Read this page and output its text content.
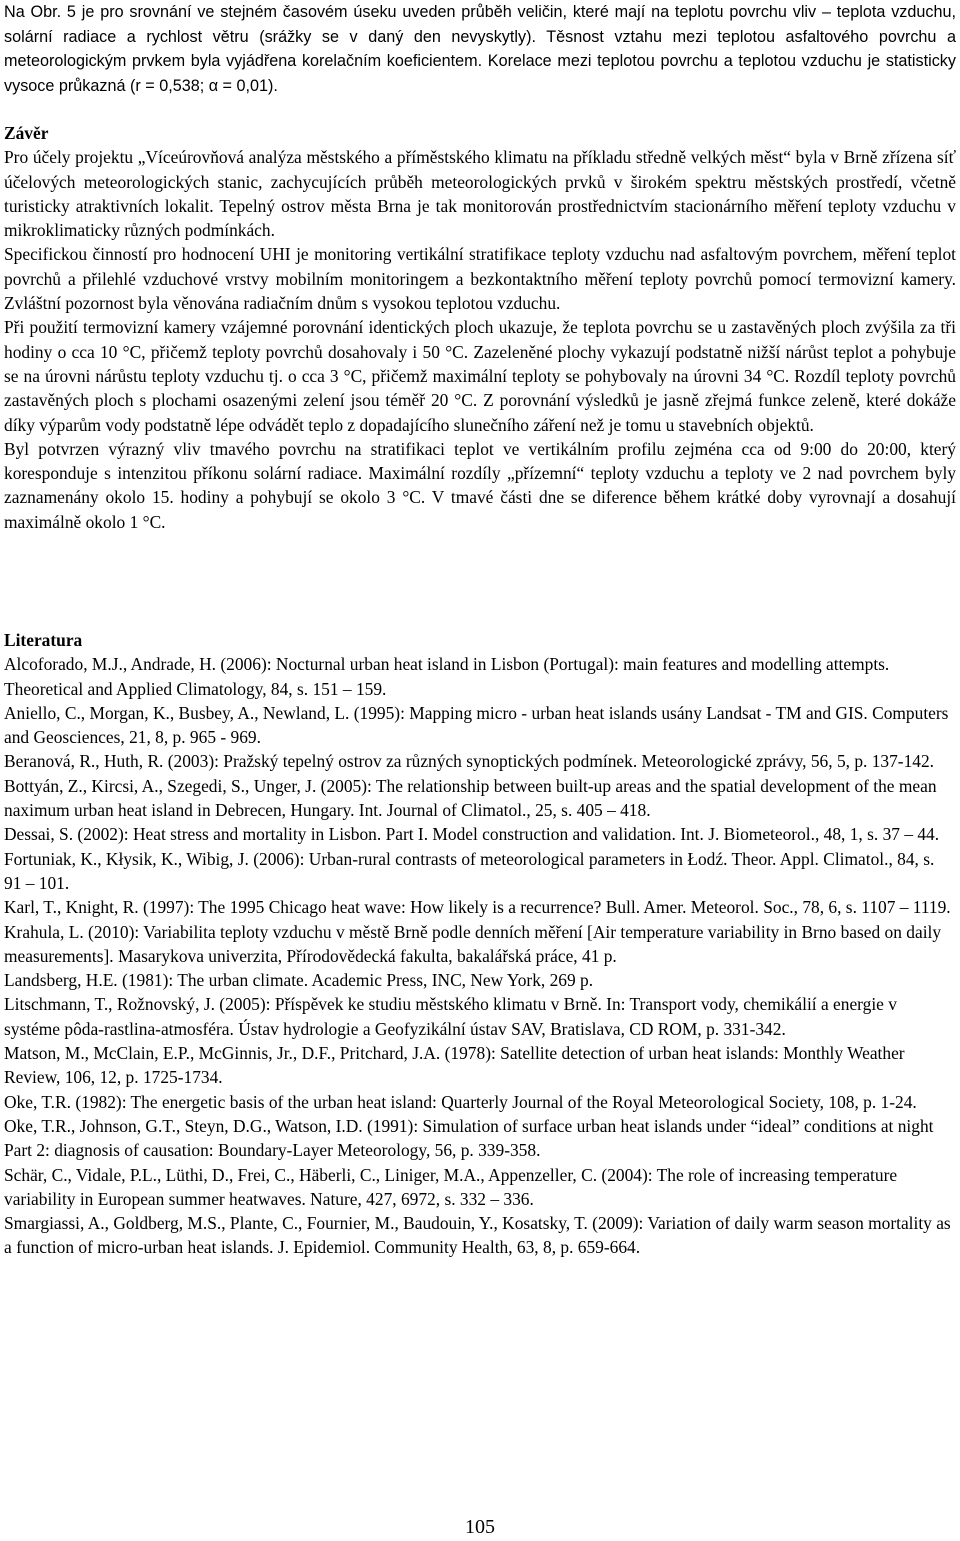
Na Obr. 5 je pro srovnání ve stejném časovém úseku uveden průběh veličin, které mají na teplotu povrchu vliv – teplota vzduchu, solární radiace a rychlost větru (srážky se v daný den nevyskytly). Těsnost vztahu mezi teplotou asfaltového povrchu a meteorologickým prvkem byla vyjádřena korelačním koeficientem. Korelace mezi teplotou povrchu a teplotou vzduchu je statisticky vysoce průkazná (r = 0,538; α = 0,01).

Závěr

Pro účely projektu „Víceúrovňová analýza městského a příměstského klimatu na příkladu středně velkých měst“ byla v Brně zřízena síť účelových meteorologických stanic, zachycujících průběh meteorologických prvků v širokém spektru městských prostředí, včetně turisticky atraktivních lokalit. Tepelný ostrov města Brna je tak monitorován prostřednictvím stacionárního měření teploty vzduchu v mikroklimaticky různých podmínkách.

Specifickou činností pro hodnocení UHI je monitoring vertikální stratifikace teploty vzduchu nad asfaltovým povrchem, měření teplot povrchů a přilehlé vzduchové vrstvy mobilním monitoringem a bezkontaktního měření teploty povrchů pomocí termovizní kamery. Zvláštní pozornost byla věnována radiačním dnům s vysokou teplotou vzduchu.

Při použití termovizní kamery vzájemné porovnání identických ploch ukazuje, že teplota povrchu se u zastavěných ploch zvýšila za tři hodiny o cca 10 °C, přičemž teploty povrchů dosahovaly i 50 °C. Zazeleněné plochy vykazují podstatně nižší nárůst teplot a pohybuje se na úrovni nárůstu teploty vzduchu tj. o cca 3 °C, přičemž maximální teploty se pohybovaly na úrovni 34 °C. Rozdíl teploty povrchů zastavěných ploch s plochami osazenými zelení jsou téměř 20 °C. Z porovnání výsledků je jasně zřejmá funkce zeleně, které dokáže díky výparům vody podstatně lépe odvádět teplo z dopadajícího slunečního záření než je tomu u stavebních objektů.

Byl potvrzen výrazný vliv tmavého povrchu na stratifikaci teplot ve vertikálním profilu zejména cca od 9:00 do 20:00, který koresponduje s intenzitou příkonu solární radiace. Maximální rozdíly „přízemní“ teploty vzduchu a teploty ve 2 nad povrchem byly zaznamenány okolo 15. hodiny a pohybují se okolo 3 °C. V tmavé části dne se diference během krátké doby vyrovnají a dosahují maximálně okolo 1 °C.

Literatura

Alcoforado, M.J., Andrade, H. (2006): Nocturnal urban heat island in Lisbon (Portugal): main features and modelling attempts. Theoretical and Applied Climatology, 84, s. 151 – 159.

Aniello, C., Morgan, K., Busbey, A., Newland, L. (1995): Mapping micro - urban heat islands usány Landsat - TM and GIS. Computers and Geosciences, 21, 8, p. 965 - 969.

Beranová, R., Huth, R. (2003): Pražský tepelný ostrov za různých synoptických podmínek. Meteorologické zprávy, 56, 5, p. 137-142.

Bottyán, Z., Kircsi, A., Szegedi, S., Unger, J. (2005): The relationship between built-up areas and the spatial development of the mean naximum urban heat island in Debrecen, Hungary. Int. Journal of Climatol., 25, s. 405 – 418.

Dessai, S. (2002): Heat stress and mortality in Lisbon. Part I. Model construction and validation. Int. J. Biometeorol., 48, 1, s. 37 – 44.

Fortuniak, K., Kłysik, K., Wibig, J. (2006): Urban-rural contrasts of meteorological parameters in Łodź. Theor. Appl. Climatol., 84, s. 91 – 101.

Karl, T., Knight, R. (1997): The 1995 Chicago heat wave: How likely is a recurrence? Bull. Amer. Meteorol. Soc., 78, 6, s. 1107 – 1119.

Krahula, L. (2010): Variabilita teploty vzduchu v městě Brně podle denních měření [Air temperature variability in Brno based on daily measurements]. Masarykova univerzita, Přírodovědecká fakulta, bakalářská práce, 41 p.

Landsberg, H.E. (1981): The urban climate. Academic Press, INC, New York, 269 p.

Litschmann, T., Rožnovský, J. (2005): Příspěvek ke studiu městského klimatu v Brně. In: Transport vody, chemikálií a energie v systéme pôda-rastlina-atmosféra. Ústav hydrologie a Geofyzikální ústav SAV, Bratislava, CD ROM, p. 331-342.

Matson, M., McClain, E.P., McGinnis, Jr., D.F., Pritchard, J.A. (1978): Satellite detection of urban heat islands: Monthly Weather Review, 106, 12, p. 1725-1734.

Oke, T.R. (1982): The energetic basis of the urban heat island: Quarterly Journal of the Royal Meteorological Society, 108, p. 1-24.

Oke, T.R., Johnson, G.T., Steyn, D.G., Watson, I.D. (1991): Simulation of surface urban heat islands under “ideal” conditions at night Part 2: diagnosis of causation: Boundary-Layer Meteorology, 56, p. 339-358.

Schär, C., Vidale, P.L., Lüthi, D., Frei, C., Häberli, C., Liniger, M.A., Appenzeller, C. (2004): The role of increasing temperature variability in European summer heatwaves. Nature, 427, 6972, s. 332 – 336.

Smargiassi, A., Goldberg, M.S., Plante, C., Fournier, M., Baudouin, Y., Kosatsky, T. (2009): Variation of daily warm season mortality as a function of micro-urban heat islands. J. Epidemiol. Community Health, 63, 8, p. 659-664.

105
